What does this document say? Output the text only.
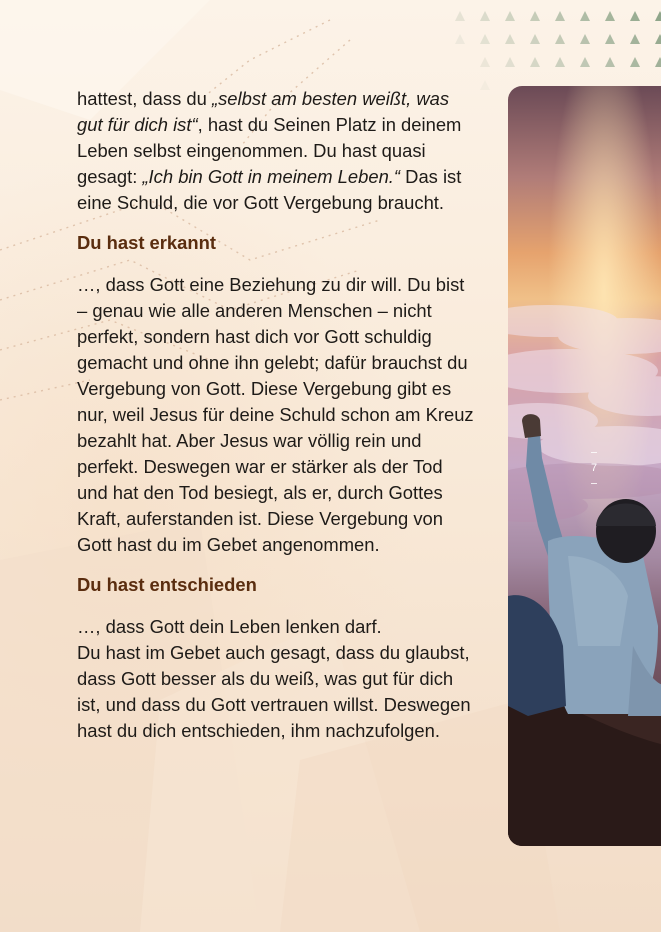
7

hattest, dass du „selbst am besten weißt, was gut für dich ist“, hast du Seinen Platz in deinem Leben selbst eingenommen. Du hast quasi gesagt: „Ich bin Gott in meinem Leben.“ Das ist eine Schuld, die vor Gott Vergebung braucht.

Du hast erkannt

…, dass Gott eine Beziehung zu dir will. Du bist – genau wie alle anderen Menschen – nicht perfekt, sondern hast dich vor Gott schuldig gemacht und ohne ihn gelebt; dafür brauchst du Vergebung von Gott. Diese Vergebung gibt es nur, weil Jesus für deine Schuld schon am Kreuz bezahlt hat. Aber Jesus war völlig rein und perfekt. Deswegen war er stärker als der Tod und hat den Tod besiegt, als er, durch Gottes Kraft, auferstanden ist. Diese Vergebung von Gott hast du im Gebet angenommen.

Du hast entschieden

…, dass Gott dein Leben lenken darf.
Du hast im Gebet auch gesagt, dass du glaubst, dass Gott besser als du weiß, was gut für dich ist, und dass du Gott vertrauen willst. Deswegen hast du dich entschieden, ihm nachzufolgen.
